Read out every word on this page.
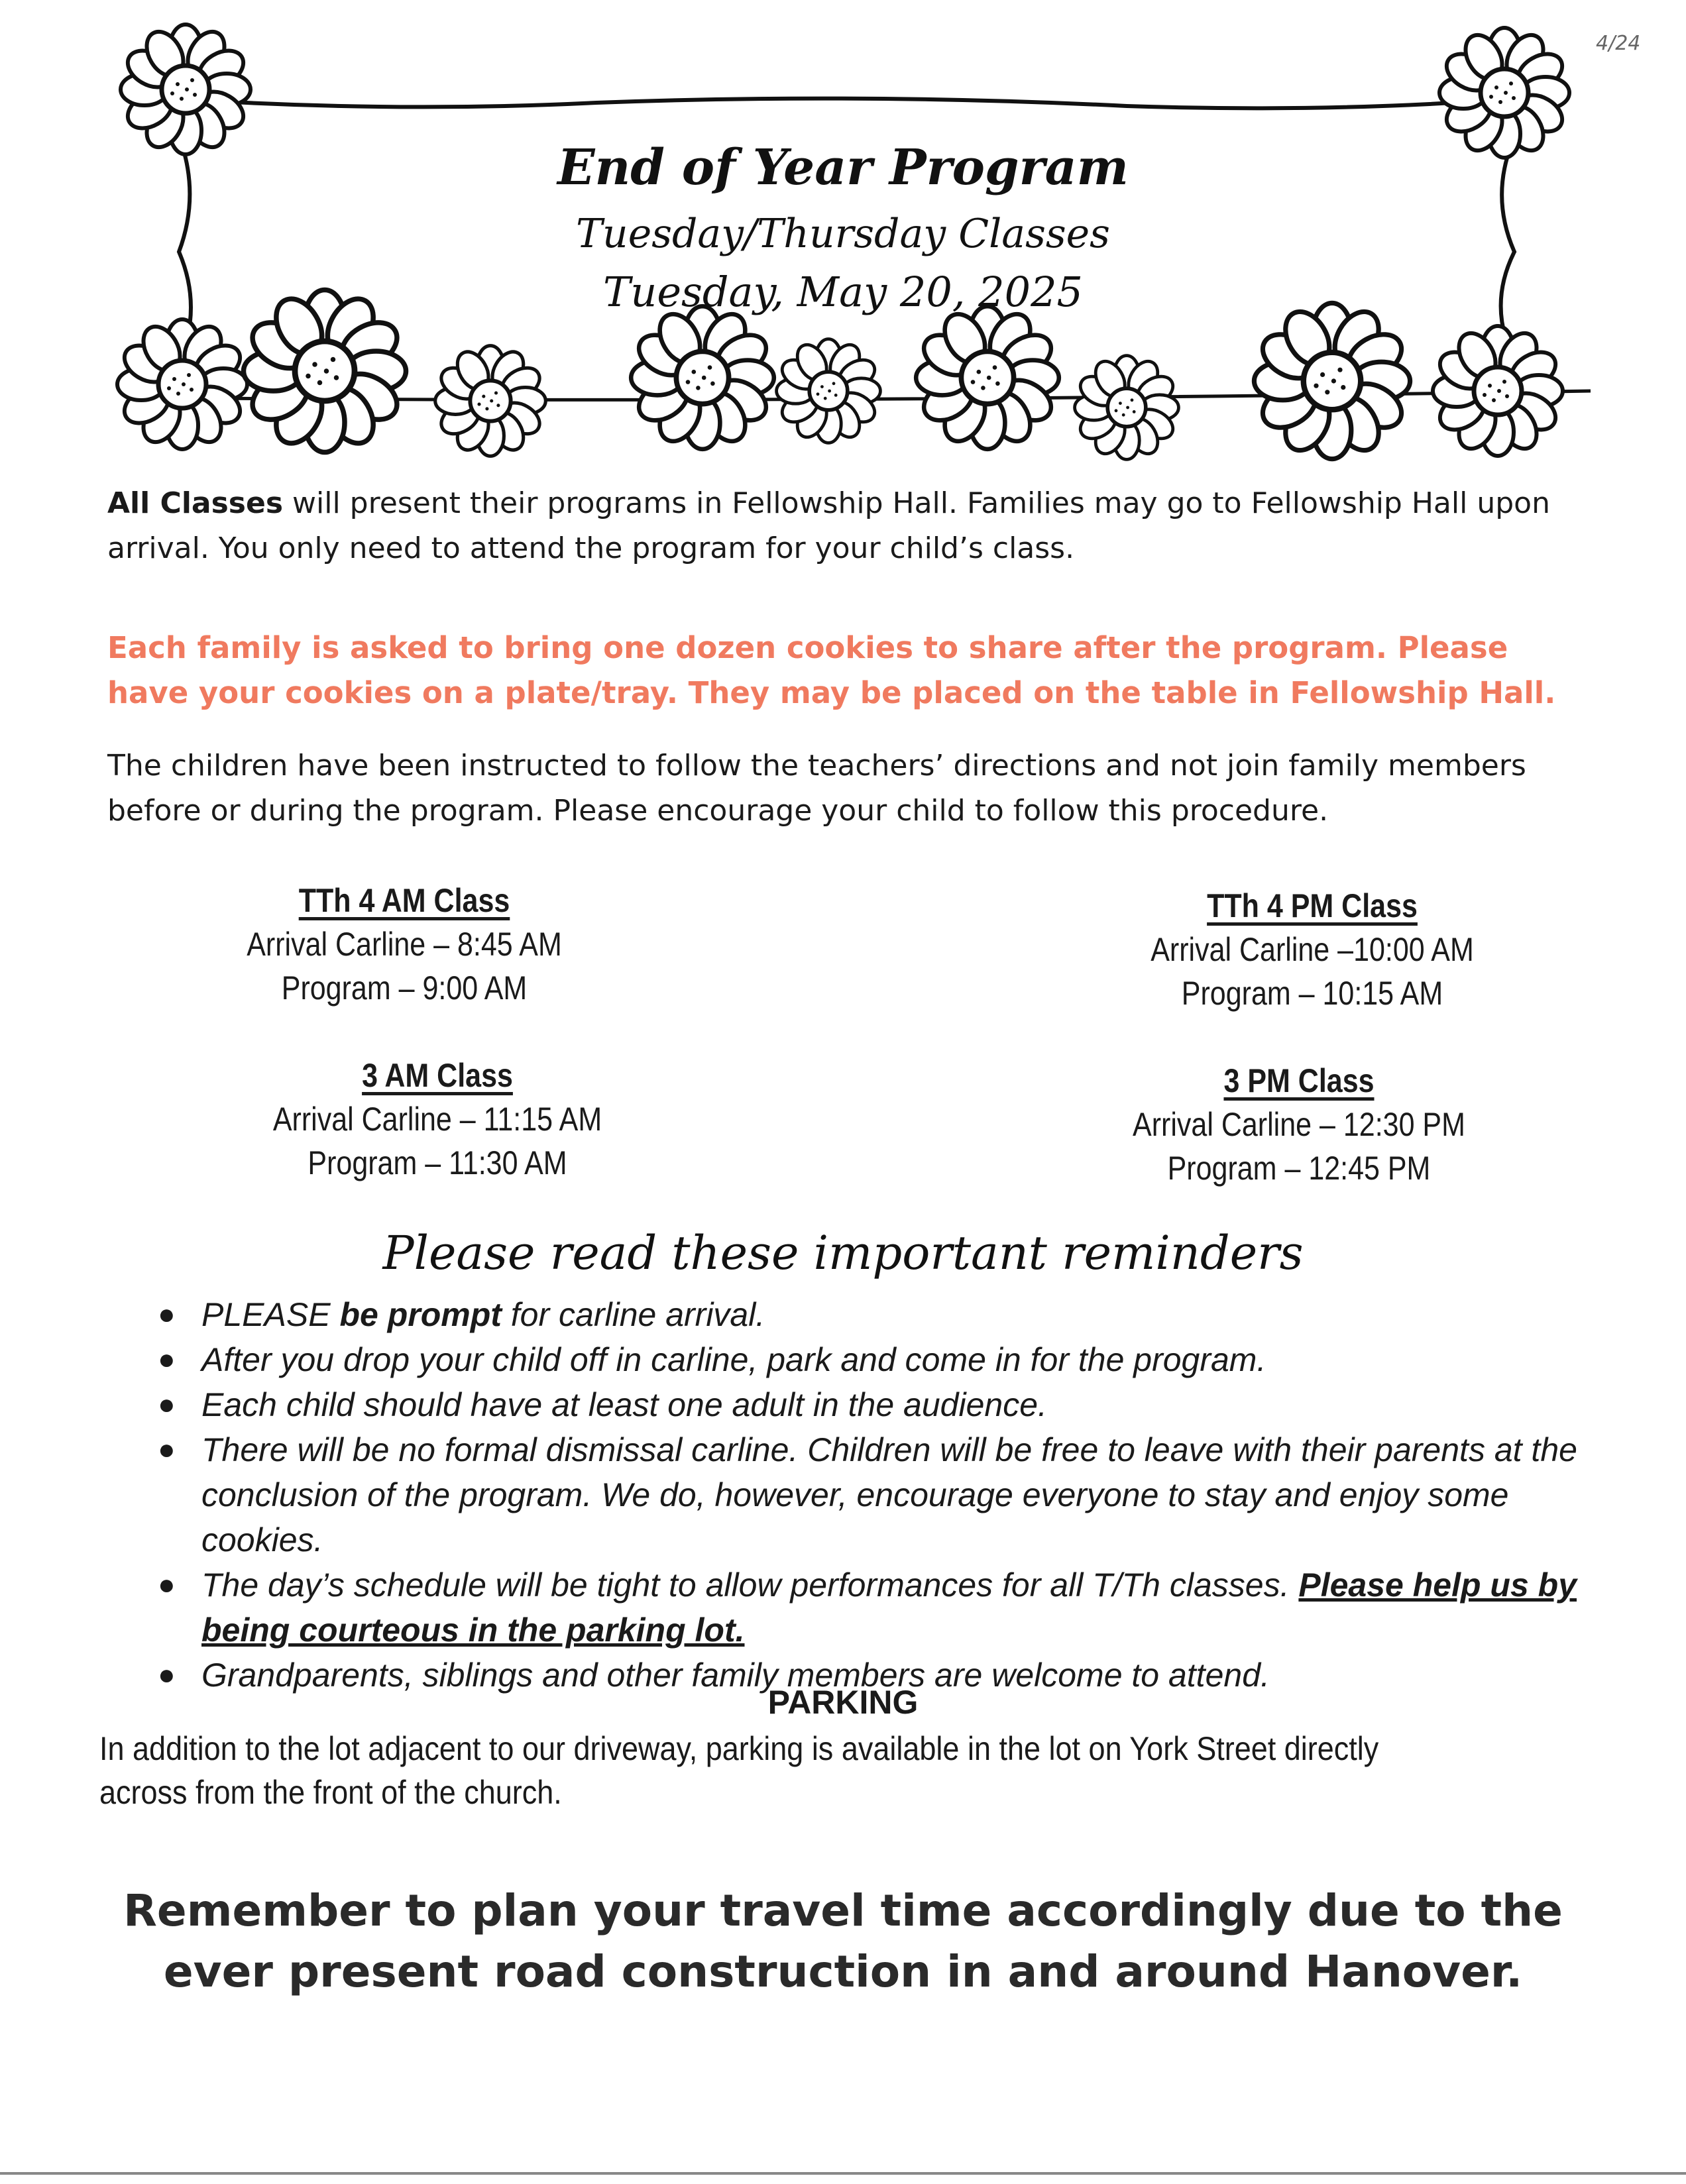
4/24
End of Year Program
Tuesday/Thursday Classes
Tuesday, May 20, 2025
All Classes will present their programs in Fellowship Hall. Families may go to Fellowship Hall upon arrival. You only need to attend the program for your child’s class.
Each family is asked to bring one dozen cookies to share after the program. Please have your cookies on a plate/tray. They may be placed on the table in Fellowship Hall.
The children have been instructed to follow the teachers’ directions and not join family members before or during the program. Please encourage your child to follow this procedure.
TTh 4 AM Class
Arrival Carline – 8:45 AM
Program – 9:00 AM
TTh 4 PM Class
Arrival Carline –10:00 AM
Program – 10:15 AM
3 AM Class
Arrival Carline – 11:15 AM
Program – 11:30 AM
3 PM Class
Arrival Carline – 12:30 PM
Program – 12:45 PM
Please read these important reminders
● PLEASE be prompt for carline arrival.
● After you drop your child off in carline, park and come in for the program.
● Each child should have at least one adult in the audience.
● There will be no formal dismissal carline. Children will be free to leave with their parents at the conclusion of the program. We do, however, encourage everyone to stay and enjoy some cookies.
● The day’s schedule will be tight to allow performances for all T/Th classes. Please help us by being courteous in the parking lot.
● Grandparents, siblings and other family members are welcome to attend.
PARKING
In addition to the lot adjacent to our driveway, parking is available in the lot on York Street directly across from the front of the church.
Remember to plan your travel time accordingly due to the ever present road construction in and around Hanover.
